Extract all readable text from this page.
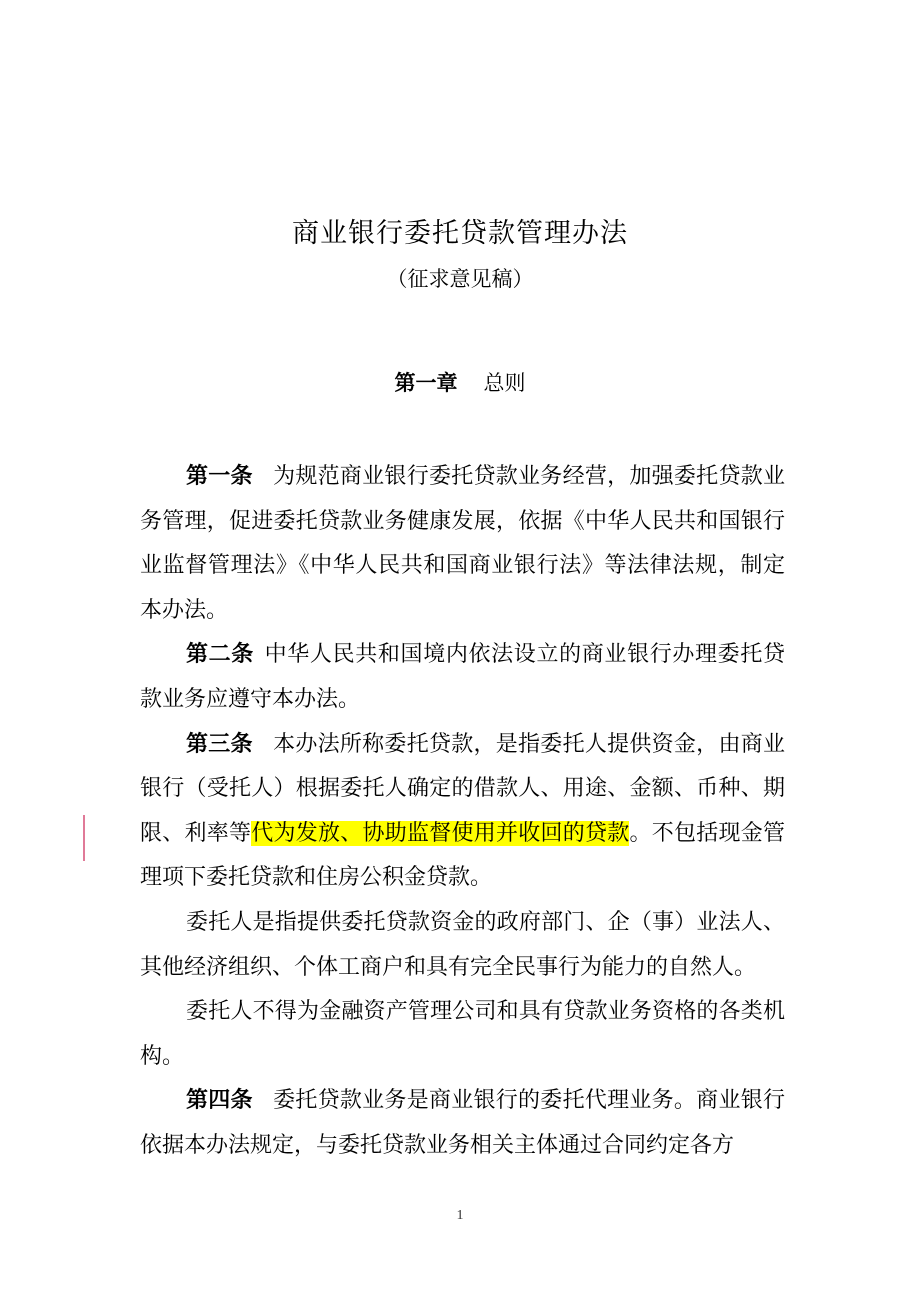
商业银行委托贷款管理办法
（征求意见稿）
第一章 总则

第一条 为规范商业银行委托贷款业务经营，加强委托贷款业务管理，促进委托贷款业务健康发展，依据《中华人民共和国银行业监督管理法》《中华人民共和国商业银行法》等法律法规，制定本办法。

第二条 中华人民共和国境内依法设立的商业银行办理委托贷款业务应遵守本办法。

第三条 本办法所称委托贷款，是指委托人提供资金，由商业银行（受托人）根据委托人确定的借款人、用途、金额、币种、期限、利率等代为发放、协助监督使用并收回的贷款。不包括现金管理项下委托贷款和住房公积金贷款。

委托人是指提供委托贷款资金的政府部门、企（事）业法人、其他经济组织、个体工商户和具有完全民事行为能力的自然人。

委托人不得为金融资产管理公司和具有贷款业务资格的各类机构。

第四条 委托贷款业务是商业银行的委托代理业务。商业银行依据本办法规定，与委托贷款业务相关主体通过合同约定各方

1
